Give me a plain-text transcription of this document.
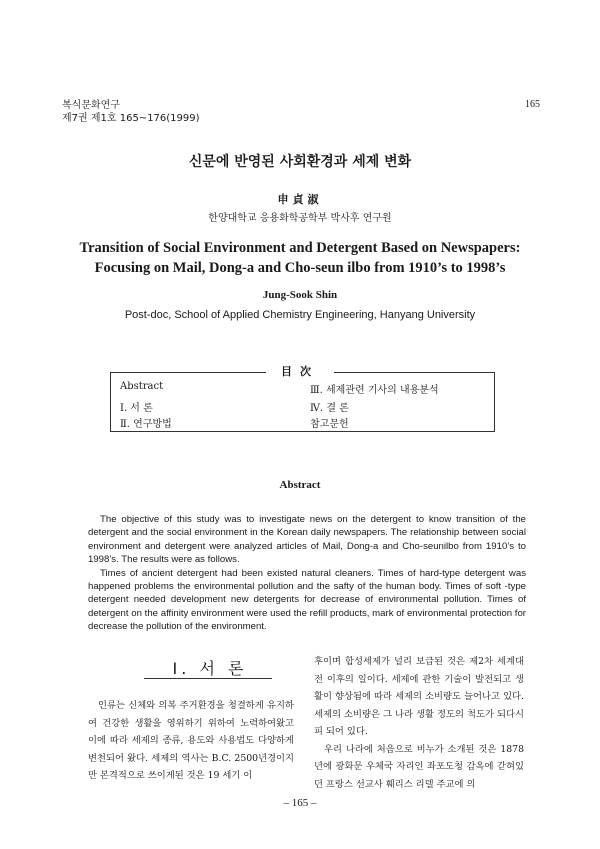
복식문화연구
제7권 제1호 165~176(1999)
165
신문에 반영된 사회환경과 세제 변화
申貞淑
한양대학교 응용화학공학부 박사후 연구원
Transition of Social Environment and Detergent Based on Newspapers:
Focusing on Mail, Dong-a and Cho-seun ilbo from 1910’s to 1998’s
Jung-Sook Shin
Post-doc, School of Applied Chemistry Engineering, Hanyang University
目次
Abstract
Ⅰ. 서 론
Ⅱ. 연구방법
Ⅲ. 세제관련 기사의 내용분석
Ⅳ. 결 론
참고문헌
Abstract

The objective of this study was to investigate news on the detergent to know transition of the detergent and the social environment in the Korean daily newspapers. The relationship between social environment and detergent were analyzed articles of Mail, Dong-a and Cho-seunilbo from 1910’s to 1998’s. The results were as follows.

Times of ancient detergent had been existed natural cleaners. Times of hard-type detergent was happened problems the environmental pollution and the safty of the human body. Times of soft -type detergent needed development new detergents for decrease of environmental pollution. Times of detergent on the affinity environment were used the refill products, mark of environmental protection for decrease the pollution of the environment.

Ⅰ. 서 론

인류는 신체와 의복 주거환경을 청결하게 유지하여 건강한 생활을 영위하기 위하여 노력하여왔고 이에 따라 세제의 종류, 용도와 사용법도 다양하게 변천되어 왔다. 세제의 역사는 B.C. 2500년경이지만 본격적으로 쓰이게된 것은 19 세기 이

후이며 합성세제가 널리 보급된 것은 제2차 세계대전 이후의 일이다. 세제에 관한 기술이 발전되고 생활이 향상됨에 따라 세제의 소비량도 늘어나고 있다. 세제의 소비량은 그 나라 생활 정도의 척도가 되다시피 되어 있다.

우리 나라에 처음으로 비누가 소개된 것은 1878년에 광화문 우체국 자리인 좌포도청 감옥에 갇혀있던 프랑스 선교사 훼리스 리델 주교에 의

– 165 –
